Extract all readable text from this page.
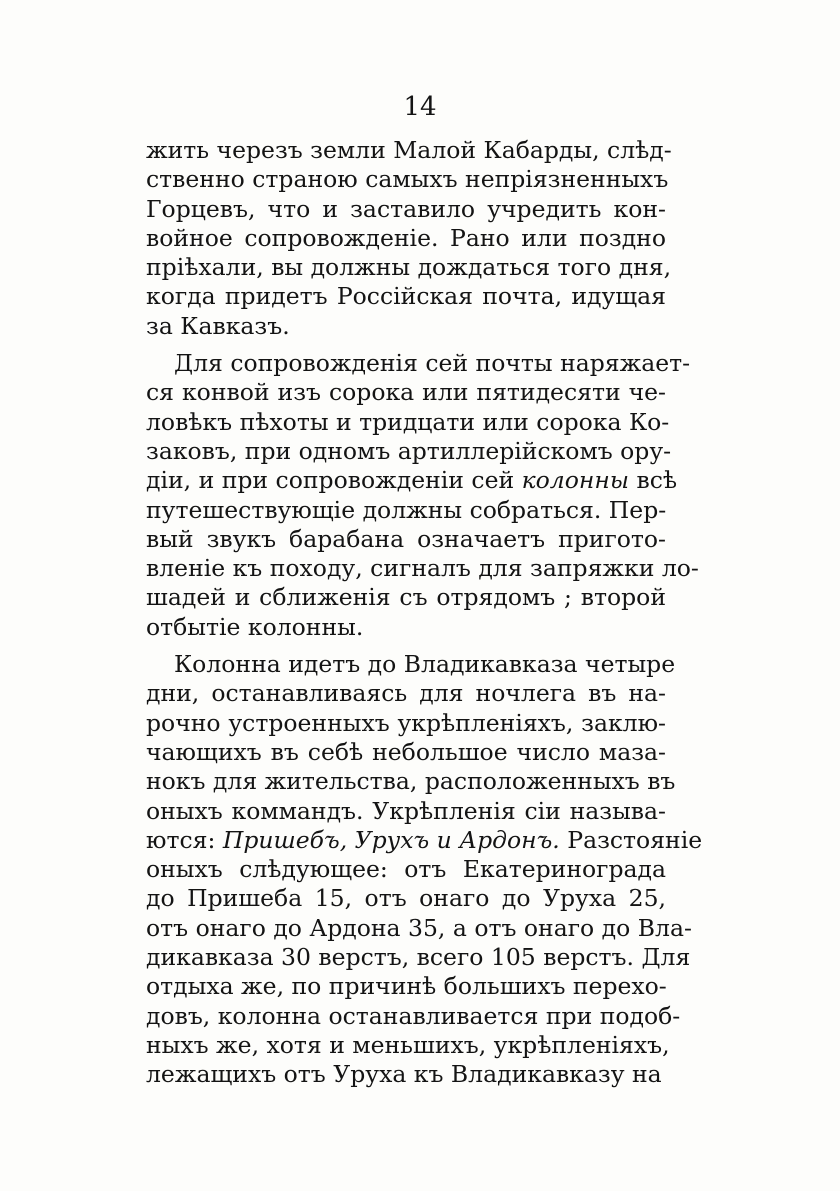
14
жить черезъ земли Малой Кабарды, слѣд-
ственно страною самыхъ непріязненныхъ
Горцевъ, что и заставило учредить кон-
войное сопровожденіе. Рано или поздно
пріѣхали, вы должны дождаться того дня,
когда придетъ Россійская почта, идущая
за Кавказъ.
Для сопровожденія сей почты наряжает-
ся конвой изъ сорока или пятидесяти че-
ловѣкъ пѣхоты и тридцати или сорока Ко-
заковъ, при одномъ артиллерійскомъ ору-
діи, и при сопровожденіи сей колонны всѣ
путешествующіе должны собраться. Пер-
вый звукъ барабана означаетъ пригото-
вленіе къ походу, сигналъ для запряжки ло-
шадей и сближенія съ отрядомъ ; второй
отбытіе колонны.
Колонна идетъ до Владикавказа четыре
дни, останавливаясь для ночлега въ на-
рочно устроенныхъ укрѣпленіяхъ, заклю-
чающихъ въ себѣ небольшое число маза-
нокъ для жительства, расположенныхъ въ
оныхъ коммандъ. Укрѣпленія сіи называ-
ются: Пришебъ, Уруxъ и Ардонъ. Разстояніе
оныхъ слѣдующее: отъ Екатеринограда
до Пришеба 15, отъ онаго до Уруха 25,
отъ онаго до Ардона 35, а отъ онаго до Вла-
дикавказа 30 верстъ, всего 105 верстъ. Для
отдыха же, по причинѣ большихъ перехо-
довъ, колонна останавливается при подоб-
ныхъ же, хотя и меньшихъ, укрѣпленіяхъ,
лежащихъ отъ Уруха къ Владикавказу на
